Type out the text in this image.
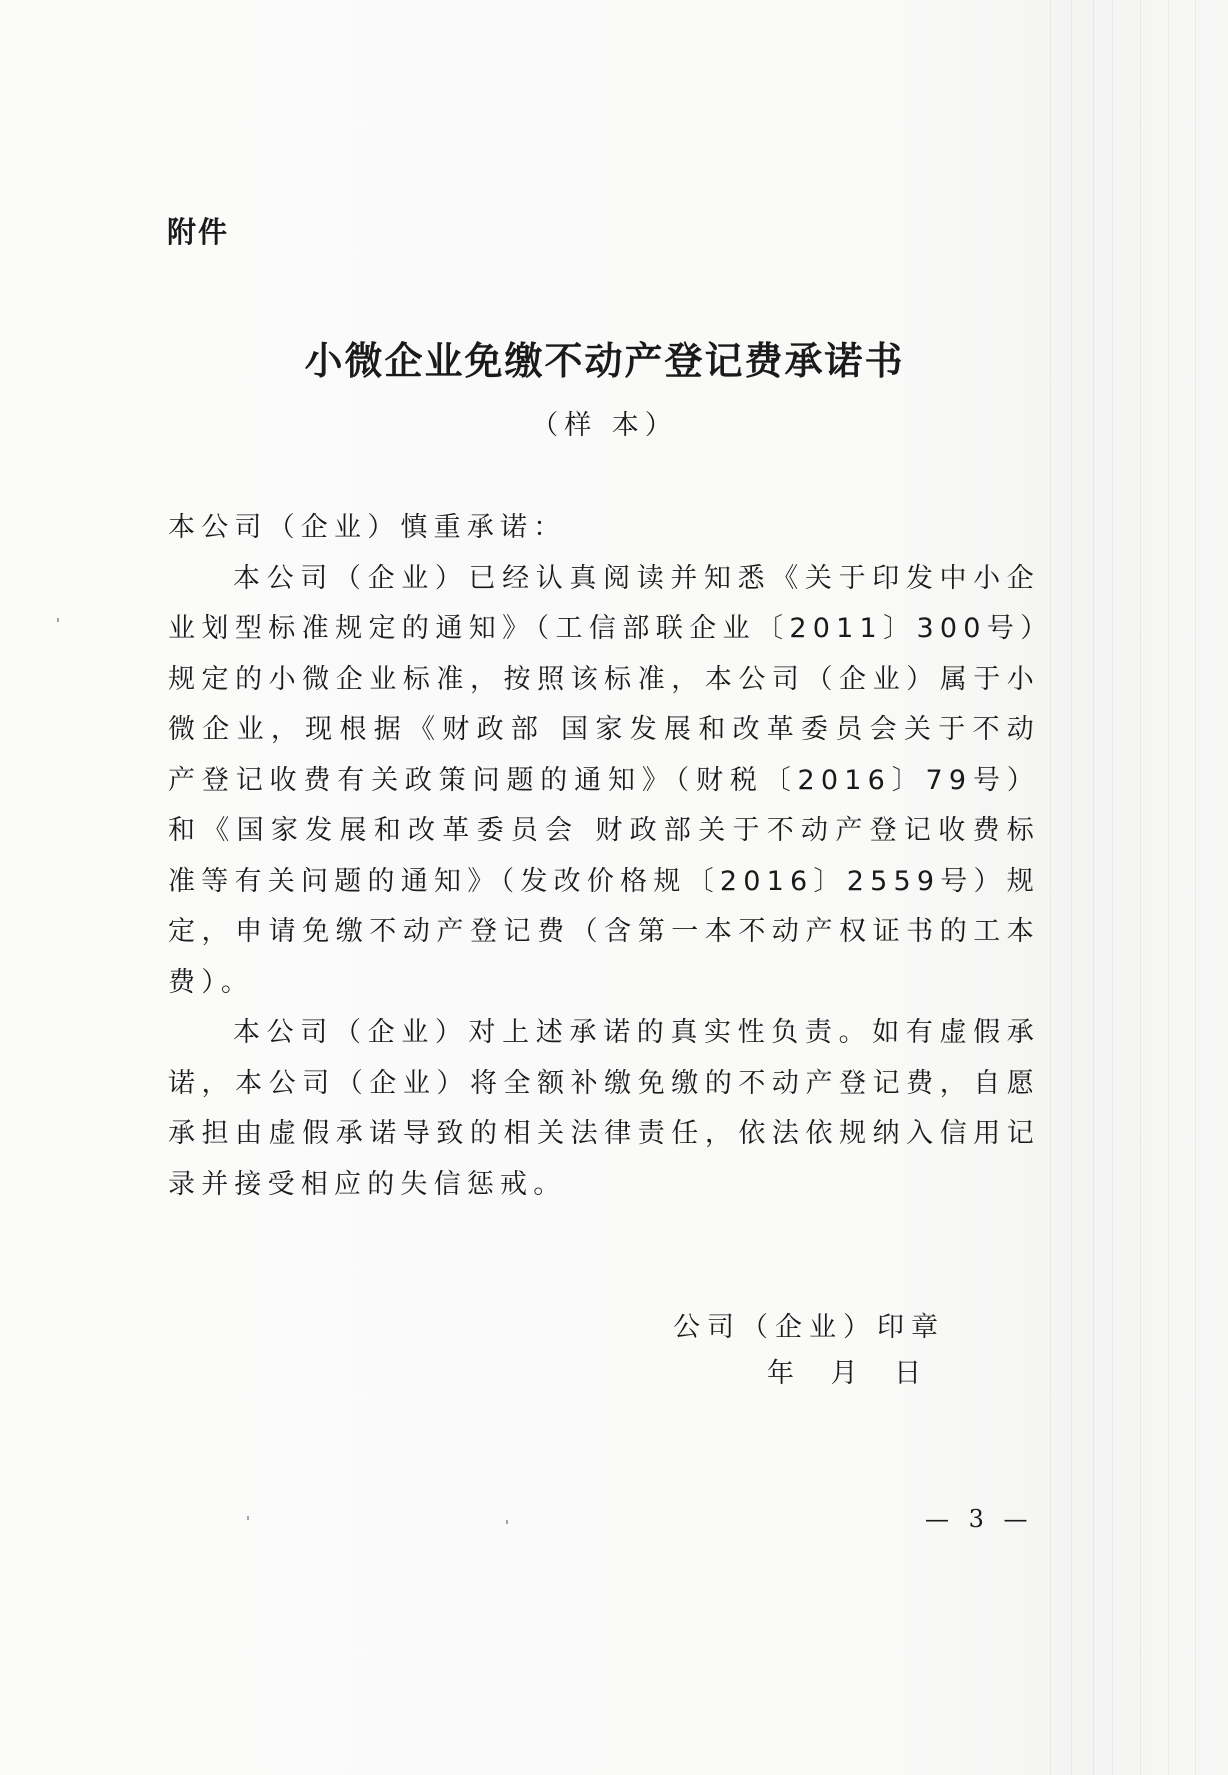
附件
小微企业免缴不动产登记费承诺书
（样 本）

本公司（企业）慎重承诺：

本公司（企业）已经认真阅读并知悉《关于印发中小企业划型标准规定的通知》（工信部联企业〔2011〕300号）规定的小微企业标准，按照该标准，本公司（企业）属于小微企业，现根据《财政部 国家发展和改革委员会关于不动产登记收费有关政策问题的通知》（财税〔2016〕79号）和《国家发展和改革委员会 财政部关于不动产登记收费标准等有关问题的通知》（发改价格规〔2016〕2559号）规定，申请免缴不动产登记费（含第一本不动产权证书的工本费）。

本公司（企业）对上述承诺的真实性负责。如有虚假承诺，本公司（企业）将全额补缴免缴的不动产登记费，自愿承担由虚假承诺导致的相关法律责任，依法依规纳入信用记录并接受相应的失信惩戒。

公司（企业）印章
年 月 日
— 3 —
